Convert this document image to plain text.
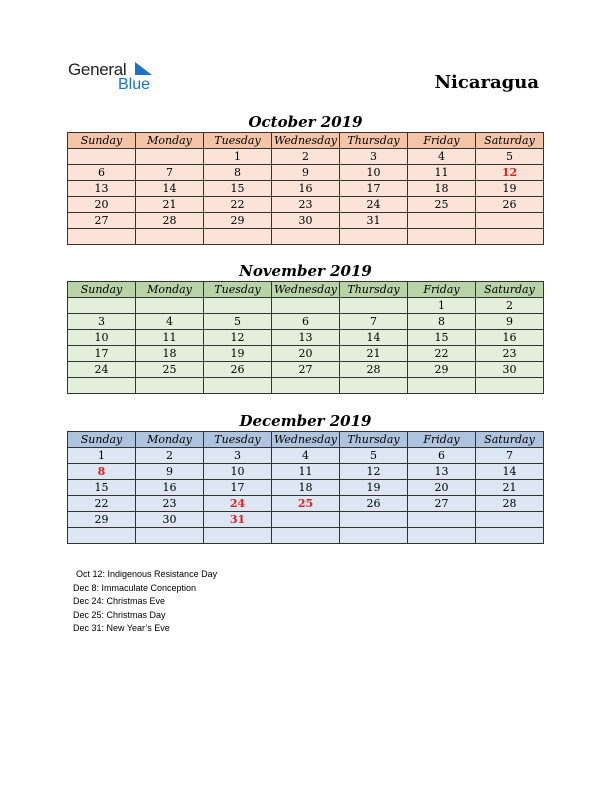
General
Blue	Nicaragua
October 2019
Sunday	Monday	Tuesday	Wednesday	Thursday	Friday	Saturday
		1	2	3	4	5
6	7	8	9	10	11	12
13	14	15	16	17	18	19
20	21	22	23	24	25	26
27	28	29	30	31		

November 2019
Sunday	Monday	Tuesday	Wednesday	Thursday	Friday	Saturday
					1	2
3	4	5	6	7	8	9
10	11	12	13	14	15	16
17	18	19	20	21	22	23
24	25	26	27	28	29	30

December 2019
Sunday	Monday	Tuesday	Wednesday	Thursday	Friday	Saturday
1	2	3	4	5	6	7
8	9	10	11	12	13	14
15	16	17	18	19	20	21
22	23	24	25	26	27	28
29	30	31				

Oct 12: Indigenous Resistance Day
Dec 8: Immaculate Conception
Dec 24: Christmas Eve
Dec 25: Christmas Day
Dec 31: New Year’s Eve
